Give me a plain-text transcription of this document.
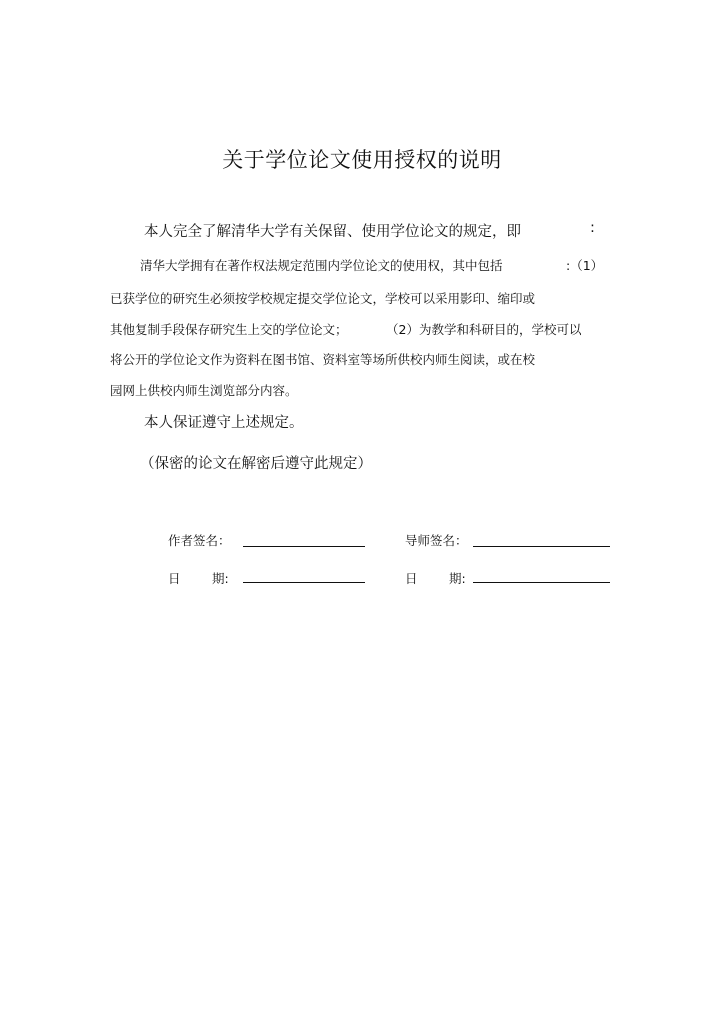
关于学位论文使用授权的说明
本人完全了解清华大学有关保留、使用学位论文的规定，即	:
清华大学拥有在著作权法规定范围内学位论文的使用权，其中包括	:（1）
已获学位的研究生必须按学校规定提交学位论文，学校可以采用影印、缩印或
其他复制手段保存研究生上交的学位论文；	（2）为教学和科研目的，学校可以
将公开的学位论文作为资料在图书馆、资料室等场所供校内师生阅读，或在校
园网上供校内师生浏览部分内容。
本人保证遵守上述规定。
（保密的论文在解密后遵守此规定）
作者签名：	导师签名：
日	期:	日	期:
